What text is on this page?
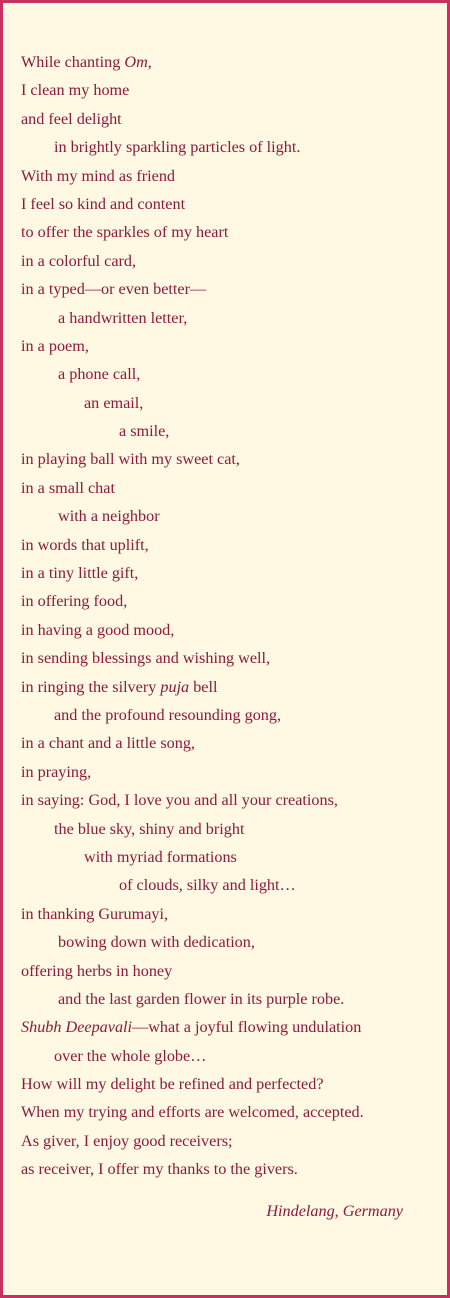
While chanting Om,
I clean my home
and feel delight
in brightly sparkling particles of light.
With my mind as friend
I feel so kind and content
to offer the sparkles of my heart
in a colorful card,
in a typed—or even better—
a handwritten letter,
in a poem,
a phone call,
an email,
a smile,
in playing ball with my sweet cat,
in a small chat
with a neighbor
in words that uplift,
in a tiny little gift,
in offering food,
in having a good mood,
in sending blessings and wishing well,
in ringing the silvery puja bell
and the profound resounding gong,
in a chant and a little song,
in praying,
in saying: God, I love you and all your creations,
the blue sky, shiny and bright
with myriad formations
of clouds, silky and light…
in thanking Gurumayi,
bowing down with dedication,
offering herbs in honey
and the last garden flower in its purple robe.
Shubh Deepavali—what a joyful flowing undulation
over the whole globe…
How will my delight be refined and perfected?
When my trying and efforts are welcomed, accepted.
As giver, I enjoy good receivers;
as receiver, I offer my thanks to the givers.
Hindelang, Germany
